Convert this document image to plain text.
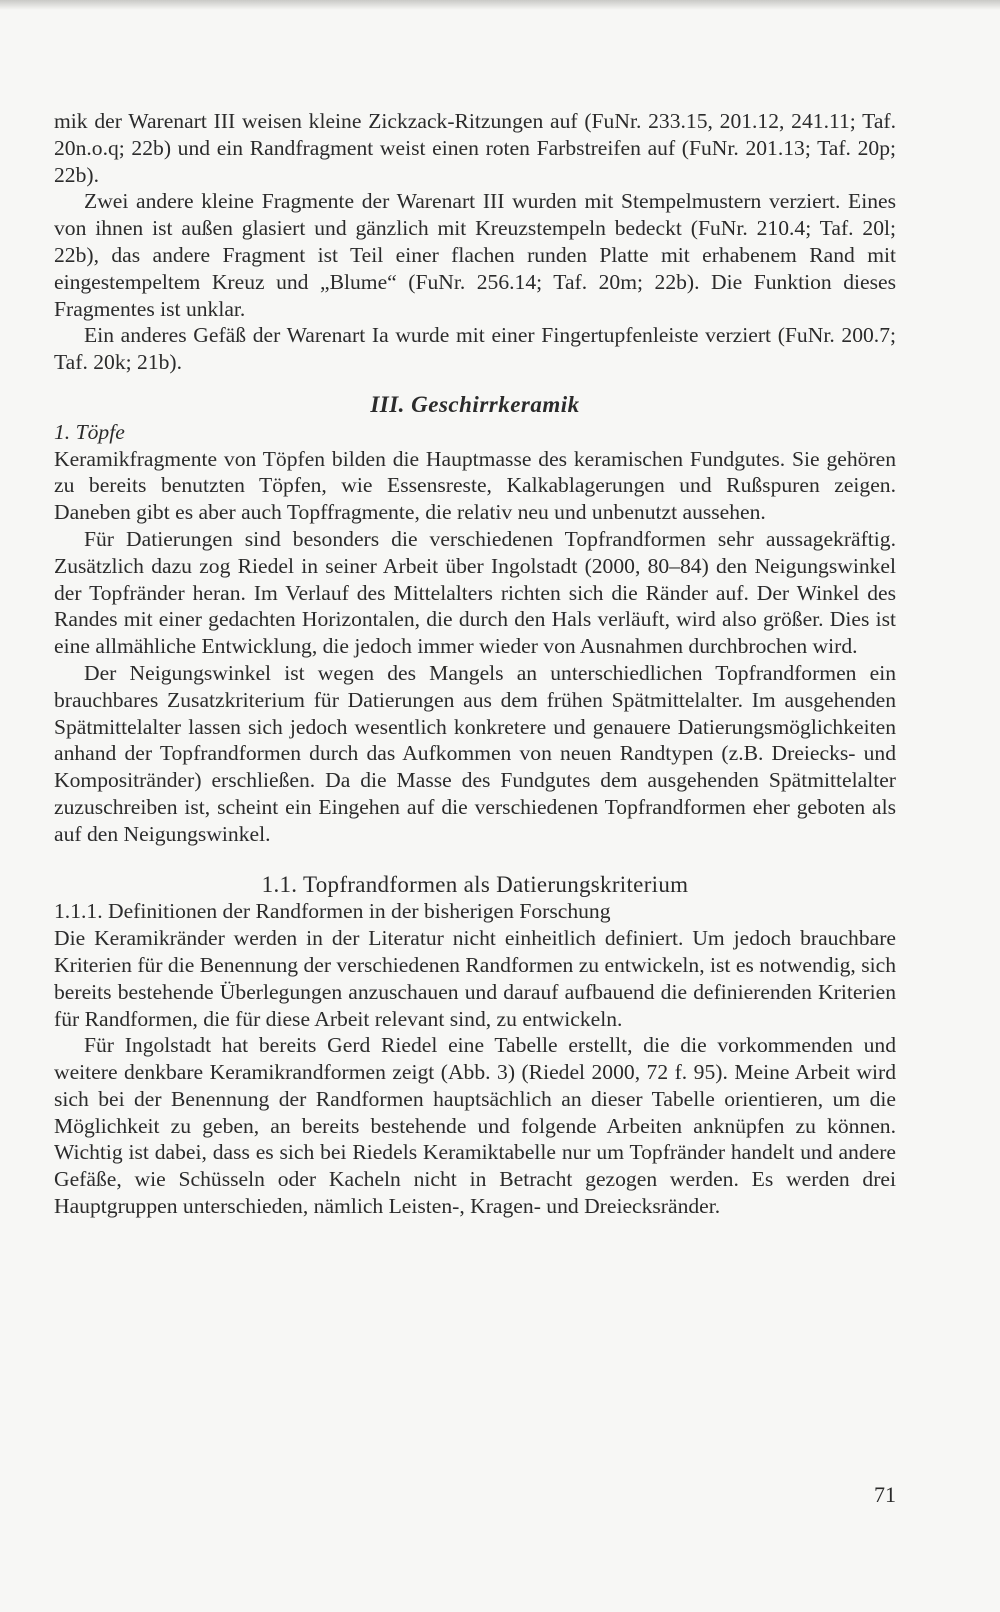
mik der Warenart III weisen kleine Zickzack-Ritzungen auf (FuNr. 233.15, 201.12, 241.11; Taf. 20n.o.q; 22b) und ein Randfragment weist einen roten Farbstreifen auf (FuNr. 201.13; Taf. 20p; 22b).

Zwei andere kleine Fragmente der Warenart III wurden mit Stempelmustern verziert. Eines von ihnen ist außen glasiert und gänzlich mit Kreuzstempeln bedeckt (FuNr. 210.4; Taf. 20l; 22b), das andere Fragment ist Teil einer flachen runden Platte mit erhabenem Rand mit eingestempeltem Kreuz und „Blume“ (FuNr. 256.14; Taf. 20m; 22b). Die Funktion dieses Fragmentes ist unklar.

Ein anderes Gefäß der Warenart Ia wurde mit einer Fingertupfenleiste verziert (FuNr. 200.7; Taf. 20k; 21b).

III. Geschirrkeramik
1. Töpfe

Keramikfragmente von Töpfen bilden die Hauptmasse des keramischen Fundgutes. Sie gehören zu bereits benutzten Töpfen, wie Essensreste, Kalkablagerungen und Rußspuren zeigen. Daneben gibt es aber auch Topffragmente, die relativ neu und unbenutzt aussehen.

Für Datierungen sind besonders die verschiedenen Topfrandformen sehr aussagekräftig. Zusätzlich dazu zog Riedel in seiner Arbeit über Ingolstadt (2000, 80–84) den Neigungswinkel der Topfränder heran. Im Verlauf des Mittelalters richten sich die Ränder auf. Der Winkel des Randes mit einer gedachten Horizontalen, die durch den Hals verläuft, wird also größer. Dies ist eine allmähliche Entwicklung, die jedoch immer wieder von Ausnahmen durchbrochen wird.

Der Neigungswinkel ist wegen des Mangels an unterschiedlichen Topfrandformen ein brauchbares Zusatzkriterium für Datierungen aus dem frühen Spätmittelalter. Im ausgehenden Spätmittelalter lassen sich jedoch wesentlich konkretere und genauere Datierungsmöglichkeiten anhand der Topfrandformen durch das Aufkommen von neuen Randtypen (z.B. Dreiecks- und Kompositränder) erschließen. Da die Masse des Fundgutes dem ausgehenden Spätmittelalter zuzuschreiben ist, scheint ein Eingehen auf die verschiedenen Topfrandformen eher geboten als auf den Neigungswinkel.

1.1. Topfrandformen als Datierungskriterium
1.1.1. Definitionen der Randformen in der bisherigen Forschung

Die Keramikränder werden in der Literatur nicht einheitlich definiert. Um jedoch brauchbare Kriterien für die Benennung der verschiedenen Randformen zu entwickeln, ist es notwendig, sich bereits bestehende Überlegungen anzuschauen und darauf aufbauend die definierenden Kriterien für Randformen, die für diese Arbeit relevant sind, zu entwickeln.

Für Ingolstadt hat bereits Gerd Riedel eine Tabelle erstellt, die die vorkommenden und weitere denkbare Keramikrandformen zeigt (Abb. 3) (Riedel 2000, 72 f. 95). Meine Arbeit wird sich bei der Benennung der Randformen hauptsächlich an dieser Tabelle orientieren, um die Möglichkeit zu geben, an bereits bestehende und folgende Arbeiten anknüpfen zu können. Wichtig ist dabei, dass es sich bei Riedels Keramiktabelle nur um Topfränder handelt und andere Gefäße, wie Schüsseln oder Kacheln nicht in Betracht gezogen werden. Es werden drei Hauptgruppen unterschieden, nämlich Leisten-, Kragen- und Dreiecksränder.

71
